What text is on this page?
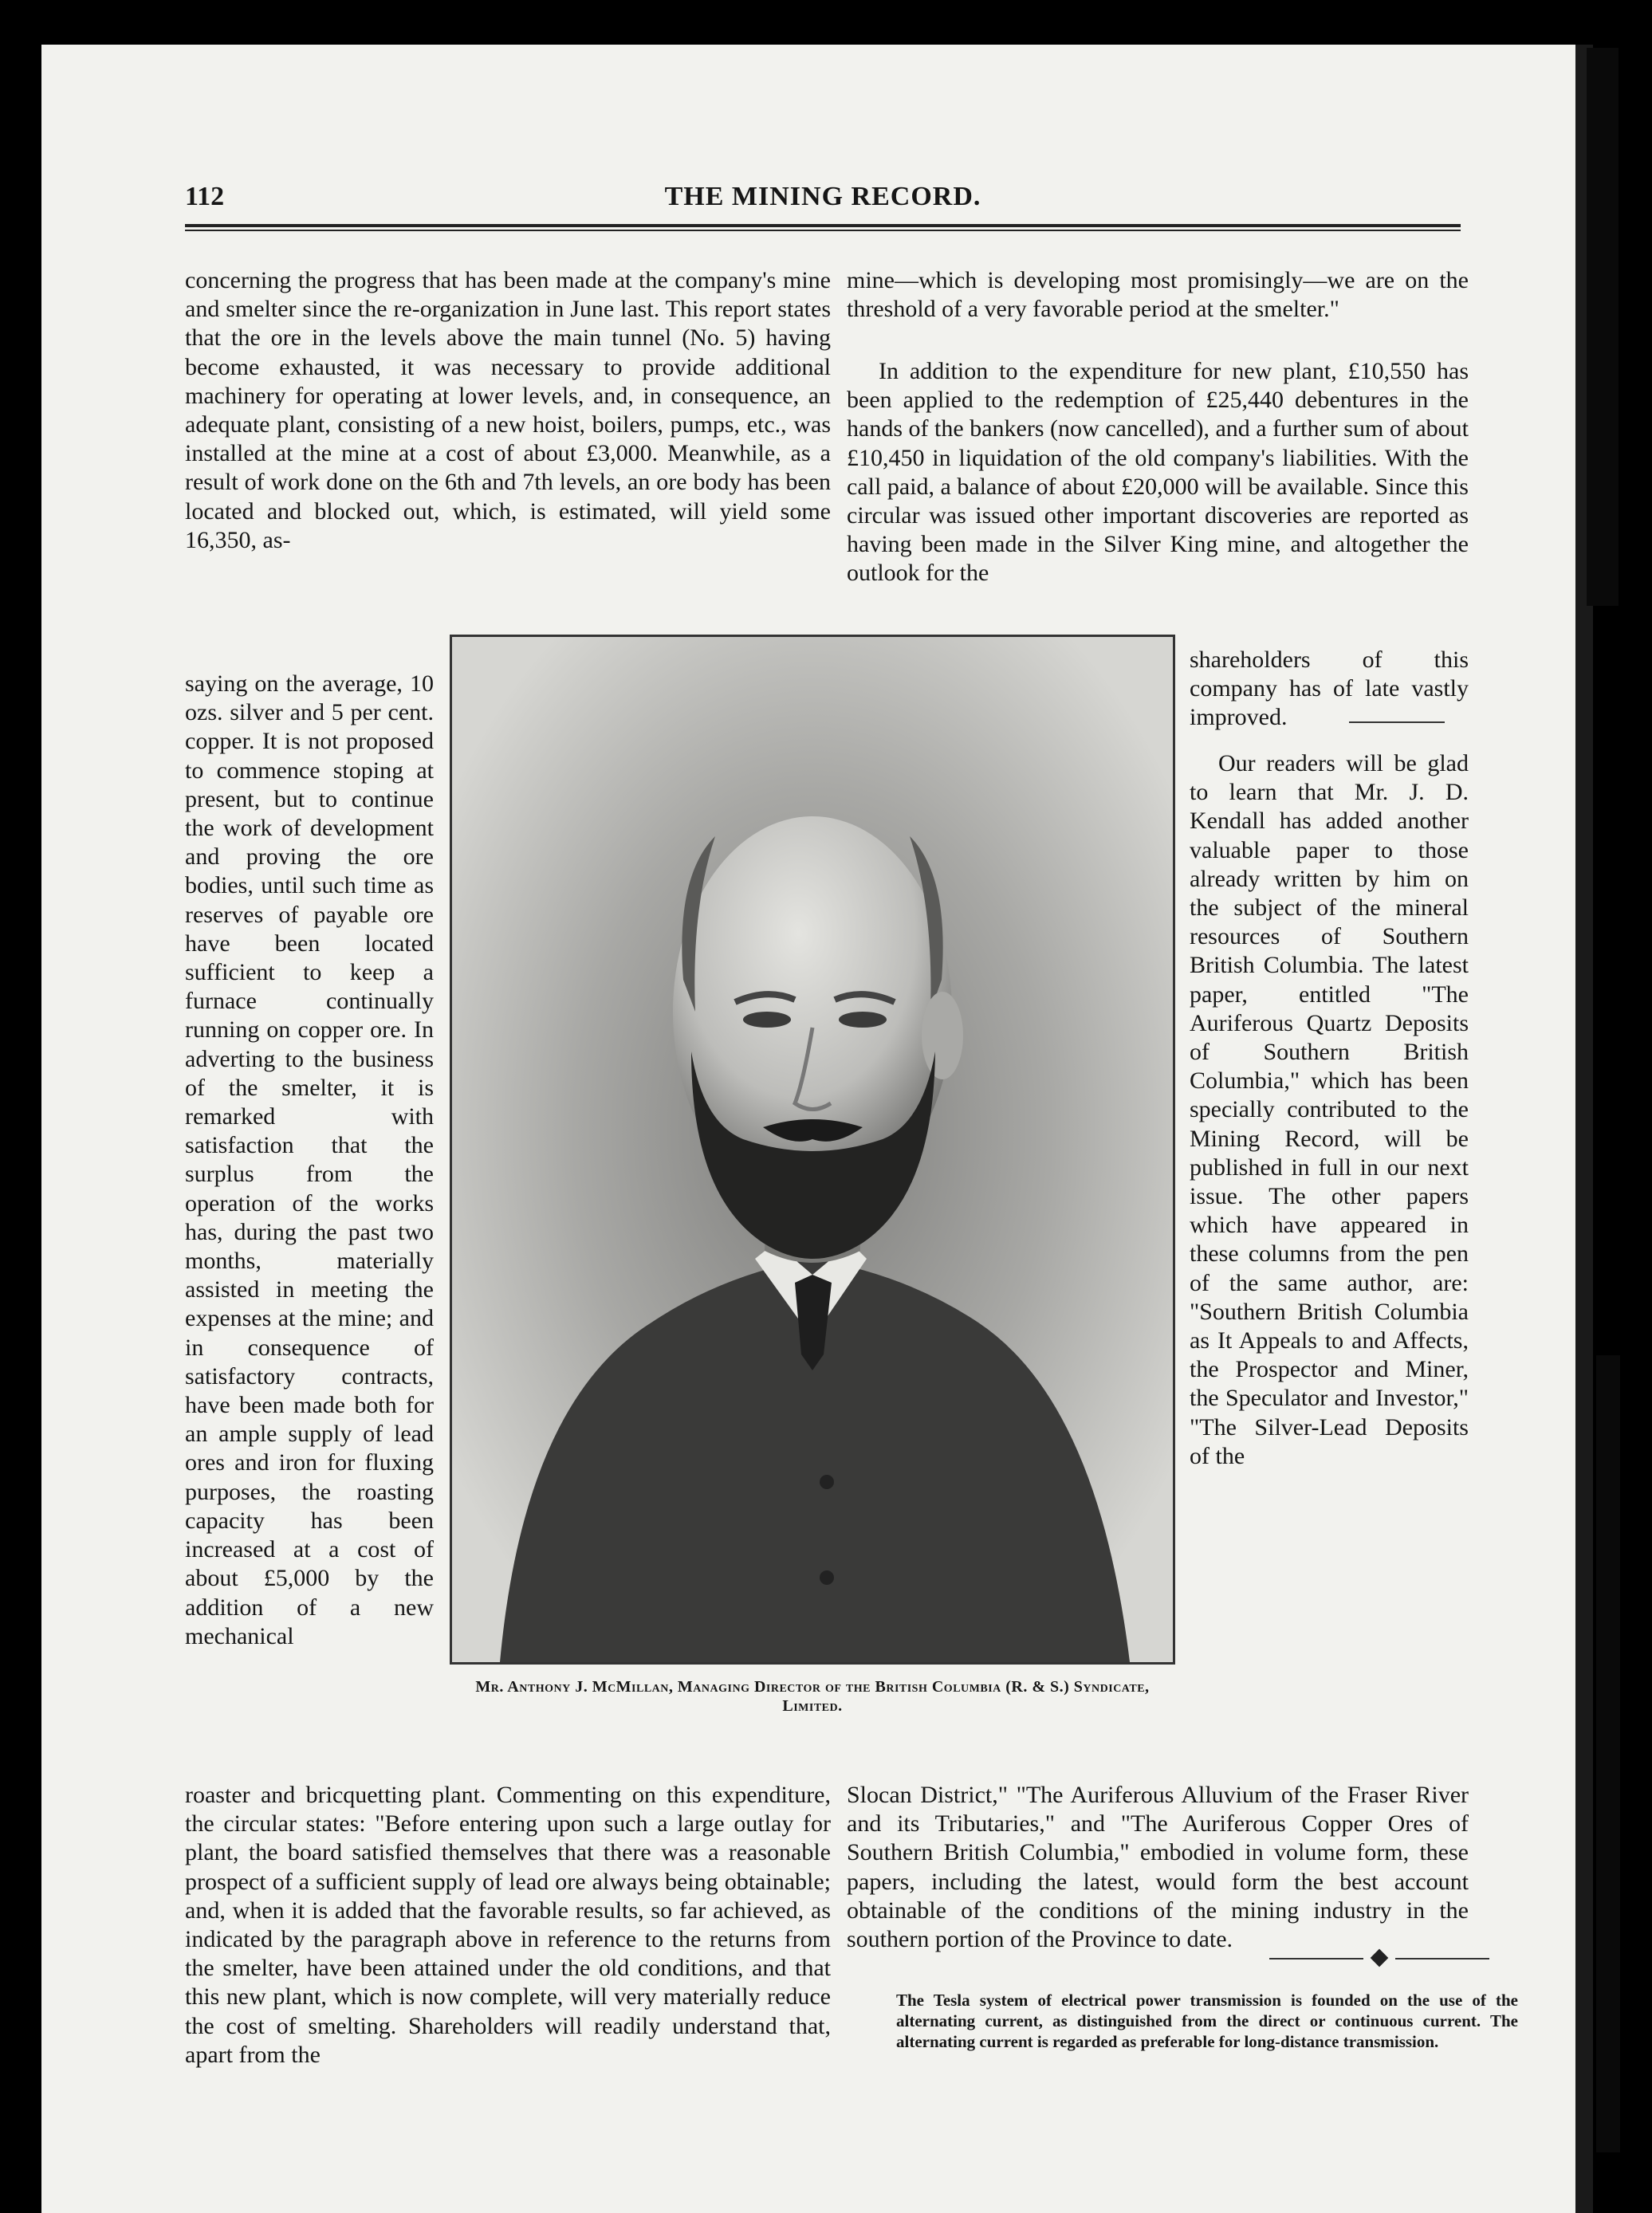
112	THE MINING RECORD.

concerning the progress that has been made at the company's mine and smelter since the re-organization in June last. This report states that the ore in the levels above the main tunnel (No. 5) having become exhausted, it was necessary to provide additional machinery for operating at lower levels, and, in consequence, an adequate plant, consisting of a new hoist, boilers, pumps, etc., was installed at the mine at a cost of about £3,000. Meanwhile, as a result of work done on the 6th and 7th levels, an ore body has been located and blocked out, which, is estimated, will yield some 16,350, as-

saying on the average, 10 ozs. silver and 5 per cent. copper. It is not proposed to commence stoping at present, but to continue the work of development and proving the ore bodies, until such time as reserves of payable ore have been located sufficient to keep a furnace continually running on copper ore. In adverting to the business of the smelter, it is remarked with satisfaction that the surplus from the operation of the works has, during the past two months, materially assisted in meeting the expenses at the mine; and in consequence of satisfactory contracts, have been made both for an ample supply of lead ores and iron for fluxing purposes, the roasting capacity has been increased at a cost of about £5,000 by the addition of a new mechanical

roaster and bricquetting plant. Commenting on this expenditure, the circular states: "Before entering upon such a large outlay for plant, the board satisfied themselves that there was a reasonable prospect of a sufficient supply of lead ore always being obtainable; and, when it is added that the favorable results, so far achieved, as indicated by the paragraph above in reference to the returns from the smelter, have been attained under the old conditions, and that this new plant, which is now complete, will very materially reduce the cost of smelting. Shareholders will readily understand that, apart from the

mine—which is developing most promisingly—we are on the threshold of a very favorable period at the smelter."

In addition to the expenditure for new plant, £10,550 has been applied to the redemption of £25,440 debentures in the hands of the bankers (now cancelled), and a further sum of about £10,450 in liquidation of the old company's liabilities. With the call paid, a balance of about £20,000 will be available. Since this circular was issued other important discoveries are reported as having been made in the Silver King mine, and altogether the outlook for the

shareholders of this company has of late vastly improved.

Our readers will be glad to learn that Mr. J. D. Kendall has added another valuable paper to those already written by him on the subject of the mineral resources of Southern British Columbia. The latest paper, entitled "The Auriferous Quartz Deposits of Southern British Columbia," which has been specially contributed to the Mining Record, will be published in full in our next issue. The other papers which have appeared in these columns from the pen of the same author, are: "Southern British Columbia as It Appeals to and Affects, the Prospector and Miner, the Speculator and Investor," "The Silver-Lead Deposits of the

Slocan District," "The Auriferous Alluvium of the Fraser River and its Tributaries," and "The Auriferous Copper Ores of Southern British Columbia," embodied in volume form, these papers, including the latest, would form the best account obtainable of the conditions of the mining industry in the southern portion of the Province to date.

Mr. Anthony J. McMillan, Managing Director of the British Columbia (R. & S.) Syndicate, Limited.

The Tesla system of electrical power transmission is founded on the use of the alternating current, as distinguished from the direct or continuous current. The alternating current is regarded as preferable for long-distance transmission.
